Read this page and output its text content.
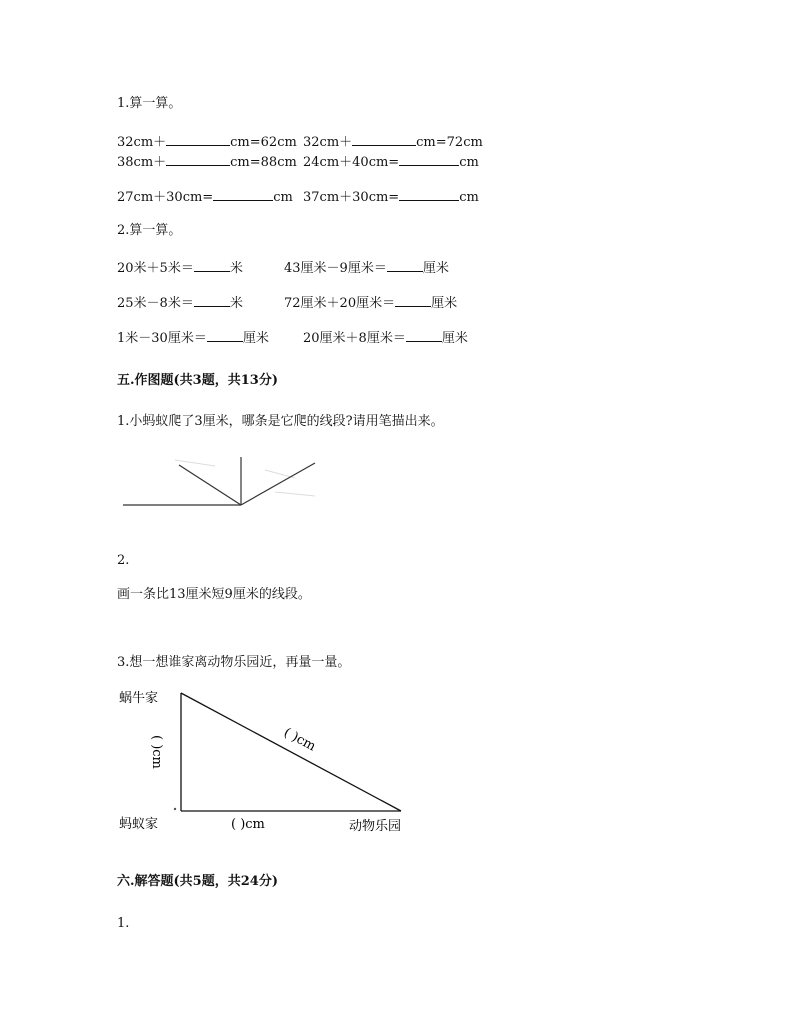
1.算一算。
32cm＋	cm=62cm 32cm＋	cm=72cm
38cm＋	cm=88cm 24cm＋40cm=	cm
27cm＋30cm=	cm 37cm＋30cm=	cm
2.算一算。
20米＋5米＝	米	43厘米－9厘米＝	厘米
25米－8米＝	米	72厘米＋20厘米＝	厘米
1米－30厘米＝	厘米	20厘米＋8厘米＝	厘米
五.作图题(共3题，共13分)
1.小蚂蚁爬了3厘米，哪条是它爬的线段?请用笔描出来。
2.
画一条比13厘米短9厘米的线段。
3.想一想谁家离动物乐园近，再量一量。
蜗牛家
蚂蚁家	动物乐园
( )cm
( )cm
( )cm
六.解答题(共5题，共24分)
1.
